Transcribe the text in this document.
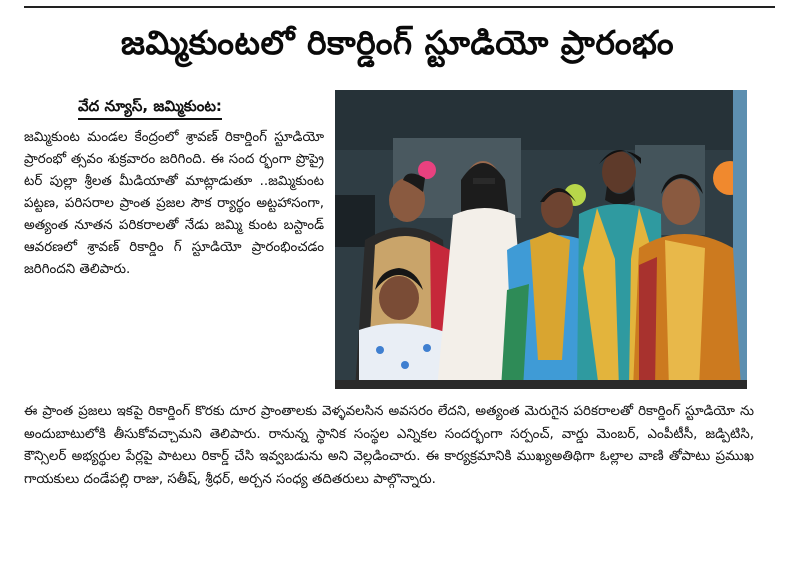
జమ్మికుంటలో రికార్డింగ్ స్టూడియో ప్రారంభం
వేద న్యూస్, జమ్మికుంట:

జమ్మికుంట మండల కేంద్రంలో శ్రావణ్ రికార్డింగ్ స్టూడియో ప్రారంభో త్సవం శుక్రవారం జరిగింది. ఈ సంద ర్భంగా ప్రొప్రై టర్ పుల్లా శ్రీలత మీడియాతో మాట్లాడుతూ ..జమ్మికుంట పట్టణ, పరిసరాల ప్రాంత ప్రజల సౌక ర్యార్థం అట్టహాసంగా, అత్యంత నూతన పరికరాలతో నేడు జమ్మి కుంట బస్టాండ్ ఆవరణలో శ్రావణ్ రికార్డిం గ్ స్టూడియో ప్రారంభించడం జరిగిందని తెలిపారు.

ఈ ప్రాంత ప్రజలు ఇకపై రికార్డింగ్ కొరకు దూర ప్రాంతాలకు వెళ్ళవలసిన అవసరం లేదని, అత్యంత మెరుగైన పరికరాలతో రికార్డింగ్ స్టూడియో ను అందుబాటులోకి తీసుకోవచ్చామని తెలిపారు. రానున్న స్థానిక సంస్థల ఎన్నికల సందర్భంగా సర్పంచ్, వార్డు మెంబర్, ఎంపీటీసీ, జడ్పిటిసి, కౌన్సిలర్ అభ్యర్థుల పేర్లపై పాటలు రికార్డ్ చేసి ఇవ్వబడును అని వెల్లడించారు. ఈ కార్యక్రమానికి ముఖ్యఅతిథిగా ఓల్లాల వాణి తోపాటు ప్రముఖ గాయకులు దండేపల్లి రాజు, సతీష్, శ్రీధర్, అర్చన సంధ్య తదితరులు పాల్గొన్నారు.
